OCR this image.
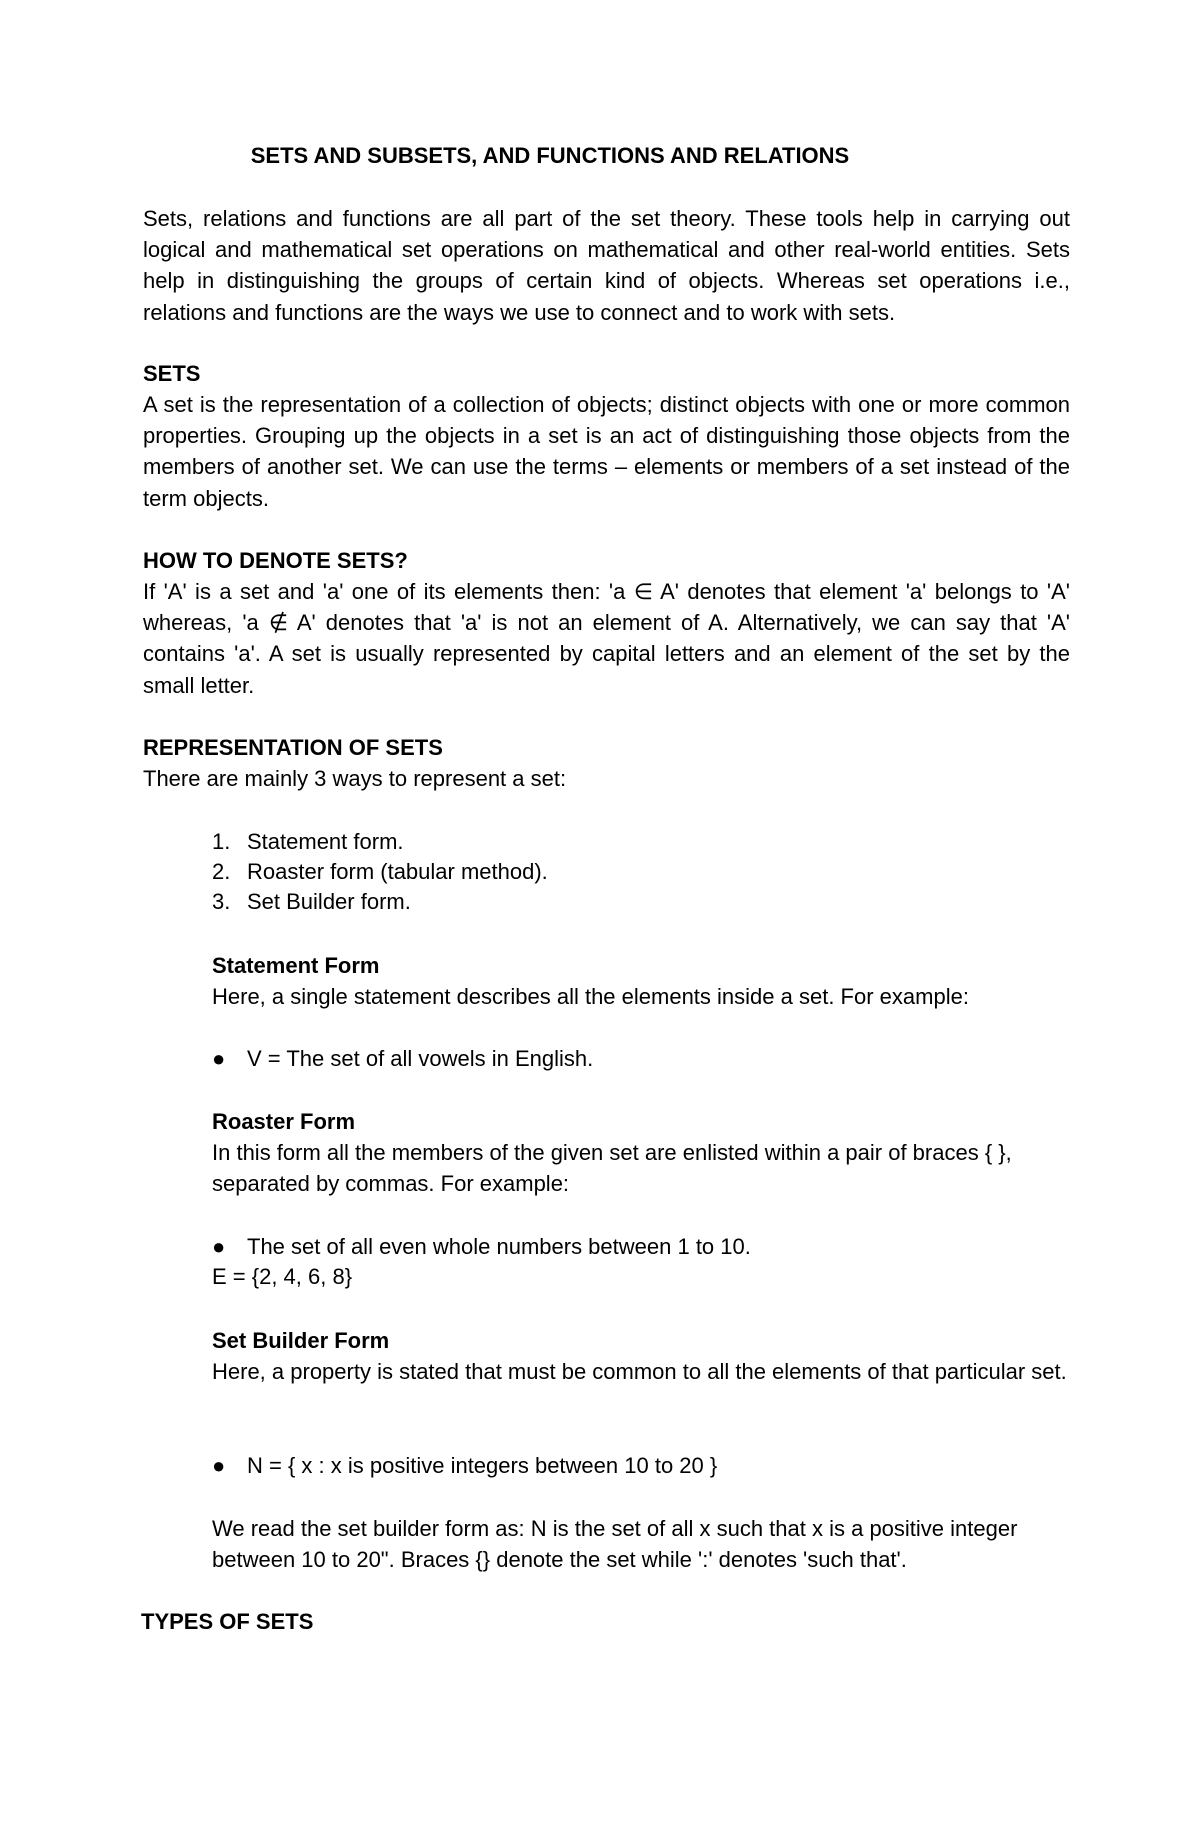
SETS AND SUBSETS, AND FUNCTIONS AND RELATIONS

Sets, relations and functions are all part of the set theory. These tools help in carrying out logical and mathematical set operations on mathematical and other real-world entities. Sets help in distinguishing the groups of certain kind of objects. Whereas set operations i.e., relations and functions are the ways we use to connect and to work with sets.

SETS

A set is the representation of a collection of objects; distinct objects with one or more common properties. Grouping up the objects in a set is an act of distinguishing those objects from the members of another set. We can use the terms – elements or members of a set instead of the term objects.

HOW TO DENOTE SETS?

If 'A' is a set and 'a' one of its elements then: 'a ∈ A' denotes that element 'a' belongs to 'A' whereas, 'a ∉ A' denotes that 'a' is not an element of A. Alternatively, we can say that 'A' contains 'a'. A set is usually represented by capital letters and an element of the set by the small letter.

REPRESENTATION OF SETS

There are mainly 3 ways to represent a set:

1. Statement form.
2. Roaster form (tabular method).
3. Set Builder form.

Statement Form

Here, a single statement describes all the elements inside a set. For example:

● V = The set of all vowels in English.

Roaster Form

In this form all the members of the given set are enlisted within a pair of braces { }, separated by commas. For example:

● The set of all even whole numbers between 1 to 10.
E = {2, 4, 6, 8}

Set Builder Form

Here, a property is stated that must be common to all the elements of that particular set.

● N = { x : x is positive integers between 10 to 20 }

We read the set builder form as: N is the set of all x such that x is a positive integer between 10 to 20". Braces {} denote the set while ':' denotes 'such that'.

TYPES OF SETS
